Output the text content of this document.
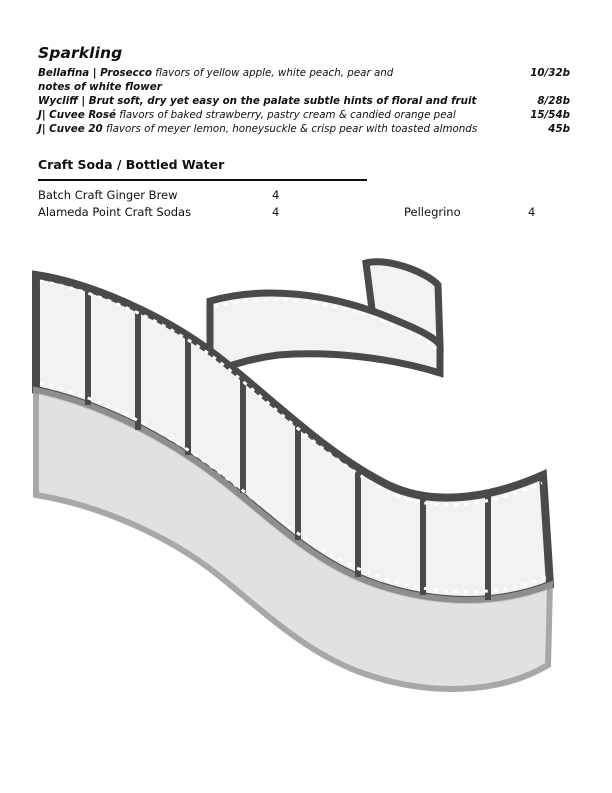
Sparkling
Bellafina | Prosecco flavors of yellow apple, white peach, pear and
notes of white flower
10/32b
Wycliff | Brut soft, dry yet easy on the palate subtle hints of floral and fruit	8/28b
J| Cuvee Rosé flavors of baked strawberry, pastry cream & candied orange peal	15/54b
J| Cuvee 20 flavors of meyer lemon, honeysuckle & crisp pear with toasted almonds	45b
Craft Soda / Bottled Water
Batch Craft Ginger Brew	4
Alameda Point Craft Sodas	4	Pellegrino	4
